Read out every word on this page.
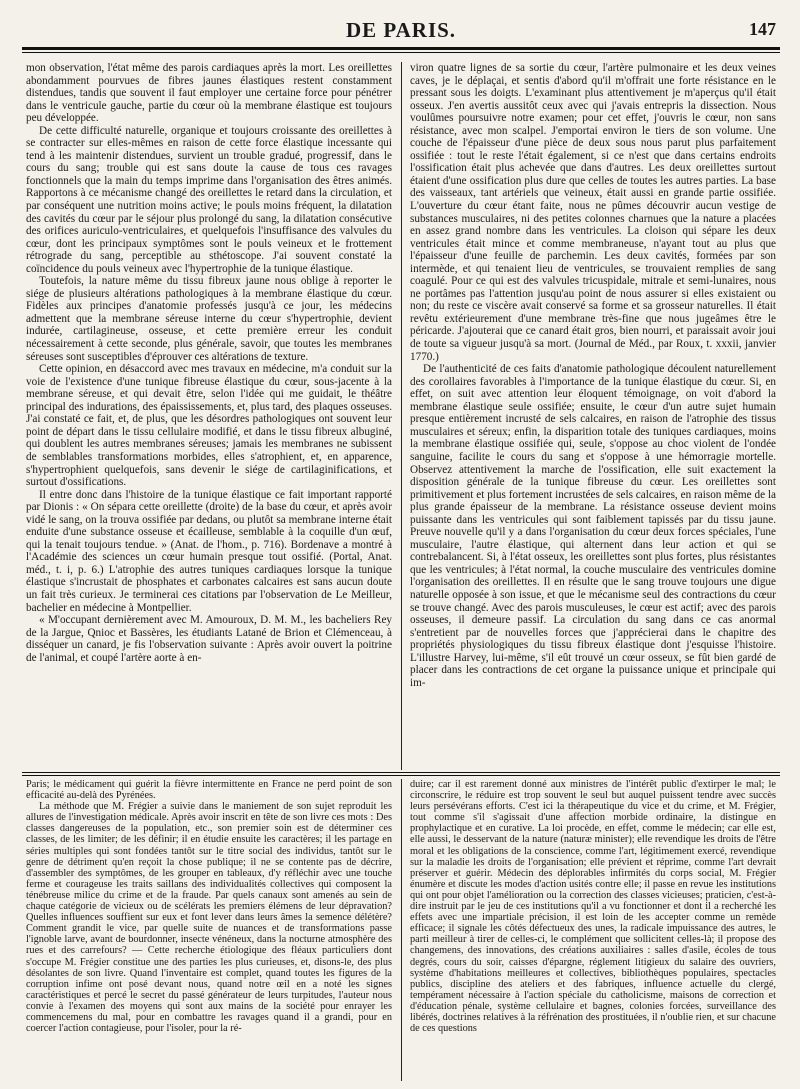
DE PARIS.	147

mon observation, l'état même des parois cardiaques après la mort. Les oreillettes abondamment pourvues de fibres jaunes élastiques restent constamment distendues, tandis que souvent il faut employer une certaine force pour pénétrer dans le ventricule gauche, partie du cœur où la membrane élastique est toujours peu développée.

De cette difficulté naturelle, organique et toujours croissante des oreillettes à se contracter sur elles-mêmes en raison de cette force élastique incessante qui tend à les maintenir distendues, survient un trouble gradué, progressif, dans le cours du sang; trouble qui est sans doute la cause de tous ces ravages fonctionnels que la main du temps imprime dans l'organisation des êtres animés. Rapportons à ce mécanisme changé des oreillettes le retard dans la circulation, et par conséquent une nutrition moins active; le pouls moins fréquent, la dilatation des cavités du cœur par le séjour plus prolongé du sang, la dilatation consécutive des orifices auriculo-ventriculaires, et quelquefois l'insuffisance des valvules du cœur, dont les principaux symptômes sont le pouls veineux et le frottement rétrograde du sang, perceptible au sthétoscope. J'ai souvent constaté la coïncidence du pouls veineux avec l'hypertrophie de la tunique élastique.

Toutefois, la nature même du tissu fibreux jaune nous oblige à reporter le siége de plusieurs altérations pathologiques à la membrane élastique du cœur. Fidèles aux principes d'anatomie professés jusqu'à ce jour, les médecins admettent que la membrane séreuse interne du cœur s'hypertrophie, devient indurée, cartilagineuse, osseuse, et cette première erreur les conduit nécessairement à cette seconde, plus générale, savoir, que toutes les membranes séreuses sont susceptibles d'éprouver ces altérations de texture.

Cette opinion, en désaccord avec mes travaux en médecine, m'a conduit sur la voie de l'existence d'une tunique fibreuse élastique du cœur, sous-jacente à la membrane séreuse, et qui devait être, selon l'idée qui me guidait, le théâtre principal des indurations, des épaississements, et, plus tard, des plaques osseuses. J'ai constaté ce fait, et, de plus, que les désordres pathologiques ont souvent leur point de départ dans le tissu cellulaire modifié, et dans le tissu fibreux albuginé, qui doublent les autres membranes séreuses; jamais les membranes ne subissent de semblables transformations morbides, elles s'atrophient, et, en apparence, s'hypertrophient quelquefois, sans devenir le siége de cartilaginifications, et surtout d'ossifications.

Il entre donc dans l'histoire de la tunique élastique ce fait important rapporté par Dionis : « On sépara cette oreillette (droite) de la base du cœur, et après avoir vidé le sang, on la trouva ossifiée par dedans, ou plutôt sa membrane interne était enduite d'une substance osseuse et écailleuse, semblable à la coquille d'un œuf, qui la tenait toujours tendue. » (Anat. de l'hom., p. 716). Bordenave a montré à l'Académie des sciences un cœur humain presque tout ossifié. (Portal, Anat. méd., t. i, p. 6.) L'atrophie des autres tuniques cardiaques lorsque la tunique élastique s'incrustait de phosphates et carbonates calcaires est sans aucun doute un fait très curieux. Je terminerai ces citations par l'observation de Le Meilleur, bachelier en médecine à Montpellier.

« M'occupant dernièrement avec M. Amouroux, D. M. M., les bacheliers Rey de la Jargue, Qnioc et Bassères, les étudiants Latané de Brion et Clémenceau, à disséquer un canard, je fis l'observation suivante : Après avoir ouvert la poitrine de l'animal, et coupé l'artère aorte à en-

viron quatre lignes de sa sortie du cœur, l'artère pulmonaire et les deux veines caves, je le déplaçai, et sentis d'abord qu'il m'offrait une forte résistance en le pressant sous les doigts. L'examinant plus attentivement je m'aperçus qu'il était osseux. J'en avertis aussitôt ceux avec qui j'avais entrepris la dissection. Nous voulûmes poursuivre notre examen; pour cet effet, j'ouvris le cœur, non sans résistance, avec mon scalpel. J'emportai environ le tiers de son volume. Une couche de l'épaisseur d'une pièce de deux sous nous parut plus parfaitement ossifiée : tout le reste l'était également, si ce n'est que dans certains endroits l'ossification était plus achevée que dans d'autres. Les deux oreillettes surtout étaient d'une ossification plus dure que celles de toutes les autres parties. La base des vaisseaux, tant artériels que veineux, était aussi en grande partie ossifiée. L'ouverture du cœur étant faite, nous ne pûmes découvrir aucun vestige de substances musculaires, ni des petites colonnes charnues que la nature a placées en assez grand nombre dans les ventricules. La cloison qui sépare les deux ventricules était mince et comme membraneuse, n'ayant tout au plus que l'épaisseur d'une feuille de parchemin. Les deux cavités, formées par son intermède, et qui tenaient lieu de ventricules, se trouvaient remplies de sang coagulé. Pour ce qui est des valvules tricuspidale, mitrale et semi-lunaires, nous ne portâmes pas l'attention jusqu'au point de nous assurer si elles existaient ou non; du reste ce viscère avait conservé sa forme et sa grosseur naturelles. Il était revêtu extérieurement d'une membrane très-fine que nous jugeâmes être le péricarde. J'ajouterai que ce canard était gros, bien nourri, et paraissait avoir joui de toute sa vigueur jusqu'à sa mort. (Journal de Méd., par Roux, t. xxxii, janvier 1770.)

De l'authenticité de ces faits d'anatomie pathologique découlent naturellement des corollaires favorables à l'importance de la tunique élastique du cœur. Si, en effet, on suit avec attention leur éloquent témoignage, on voit d'abord la membrane élastique seule ossifiée; ensuite, le cœur d'un autre sujet humain presque entièrement incrusté de sels calcaires, en raison de l'atrophie des tissus musculaires et séreux; enfin, la disparition totale des tuniques cardiaques, moins la membrane élastique ossifiée qui, seule, s'oppose au choc violent de l'ondée sanguine, facilite le cours du sang et s'oppose à une hémorragie mortelle. Observez attentivement la marche de l'ossification, elle suit exactement la disposition générale de la tunique fibreuse du cœur. Les oreillettes sont primitivement et plus fortement incrustées de sels calcaires, en raison même de la plus grande épaisseur de la membrane. La résistance osseuse devient moins puissante dans les ventricules qui sont faiblement tapissés par du tissu jaune. Preuve nouvelle qu'il y a dans l'organisation du cœur deux forces spéciales, l'une musculaire, l'autre élastique, qui alternent dans leur action et qui se contrebalancent. Si, à l'état osseux, les oreillettes sont plus fortes, plus résistantes que les ventricules; à l'état normal, la couche musculaire des ventricules domine l'organisation des oreillettes. Il en résulte que le sang trouve toujours une digue naturelle opposée à son issue, et que le mécanisme seul des contractions du cœur se trouve changé. Avec des parois musculeuses, le cœur est actif; avec des parois osseuses, il demeure passif. La circulation du sang dans ce cas anormal s'entretient par de nouvelles forces que j'apprécierai dans le chapitre des propriétés physiologiques du tissu fibreux élastique dont j'esquisse l'histoire. L'illustre Harvey, lui-même, s'il eût trouvé un cœur osseux, se fût bien gardé de placer dans les contractions de cet organe la puissance unique et principale qui im-

Paris; le médicament qui guérit la fièvre intermittente en France ne perd point de son efficacité au-delà des Pyrénées.

La méthode que M. Frégier a suivie dans le maniement de son sujet reproduit les allures de l'investigation médicale. Après avoir inscrit en tête de son livre ces mots : Des classes dangereuses de la population, etc., son premier soin est de déterminer ces classes, de les limiter; de les définir; il en étudie ensuite les caractères; il les partage en séries multiples qui sont fondées tantôt sur le titre social des individus, tantôt sur le genre de détriment qu'en reçoit la chose publique; il ne se contente pas de décrire, d'assembler des symptômes, de les grouper en tableaux, d'y réfléchir avec une touche ferme et courageuse les traits saillans des individualités collectives qui composent la ténébreuse milice du crime et de la fraude. Par quels canaux sont amenés au sein de chaque catégorie de vicieux ou de scélérats les premiers élémens de leur dépravation? Quelles influences souffient sur eux et font lever dans leurs âmes la semence délétère? Comment grandit le vice, par quelle suite de nuances et de transformations passe l'ignoble larve, avant de bourdonner, insecte vénéneux, dans la nocturne atmosphère des rues et des carrefours? — Cette recherche étiologique des fléaux particuliers dont s'occupe M. Frégier constitue une des parties les plus curieuses, et, disons-le, des plus désolantes de son livre. Quand l'inventaire est complet, quand toutes les figures de la corruption infime ont posé devant nous, quand notre œil en a noté les signes caractéristiques et percé le secret du passé générateur de leurs turpitudes, l'auteur nous convie à l'examen des moyens qui sont aux mains de la société pour enrayer les commencemens du mal, pour en combattre les ravages quand il a grandi, pour en coercer l'action contagieuse, pour l'isoler, pour la ré-

duire; car il est rarement donné aux ministres de l'intérêt public d'extirper le mal; le circonscrire, le réduire est trop souvent le seul but auquel puissent tendre avec succès leurs persévérans efforts. C'est ici la thérapeutique du vice et du crime, et M. Frégier, tout comme s'il s'agissait d'une affection morbide ordinaire, la distingue en prophylactique et en curative. La loi procède, en effet, comme le médecin; car elle est, elle aussi, le desservant de la nature (naturæ minister); elle revendique les droits de l'être moral et les obligations de la conscience, comme l'art, légitimement exercé, revendique sur la maladie les droits de l'organisation; elle prévient et réprime, comme l'art devrait préserver et guérir. Médecin des déplorables infirmités du corps social, M. Frégier énumère et discute les modes d'action usités contre elle; il passe en revue les institutions qui ont pour objet l'amélioration ou la correction des classes vicieuses; praticien, c'est-à-dire instruit par le jeu de ces institutions qu'il a vu fonctionner et dont il a recherché les effets avec une impartiale précision, il est loin de les accepter comme un remède efficace; il signale les côtés défectueux des unes, la radicale impuissance des autres, le parti meilleur à tirer de celles-ci, le complément que sollicitent celles-là; il propose des changemens, des innovations, des créations auxiliaires : salles d'asile, écoles de tous degrés, cours du soir, caisses d'épargne, réglement litigieux du salaire des ouvriers, système d'habitations meilleures et collectives, bibliothèques populaires, spectacles publics, discipline des ateliers et des fabriques, influence actuelle du clergé, tempérament nécessaire à l'action spéciale du catholicisme, maisons de correction et d'éducation pénale, système cellulaire et bagnes, colonies forcées, surveillance des libérés, doctrines relatives à la réfrénation des prostituées, il n'oublie rien, et sur chacune de ces questions
